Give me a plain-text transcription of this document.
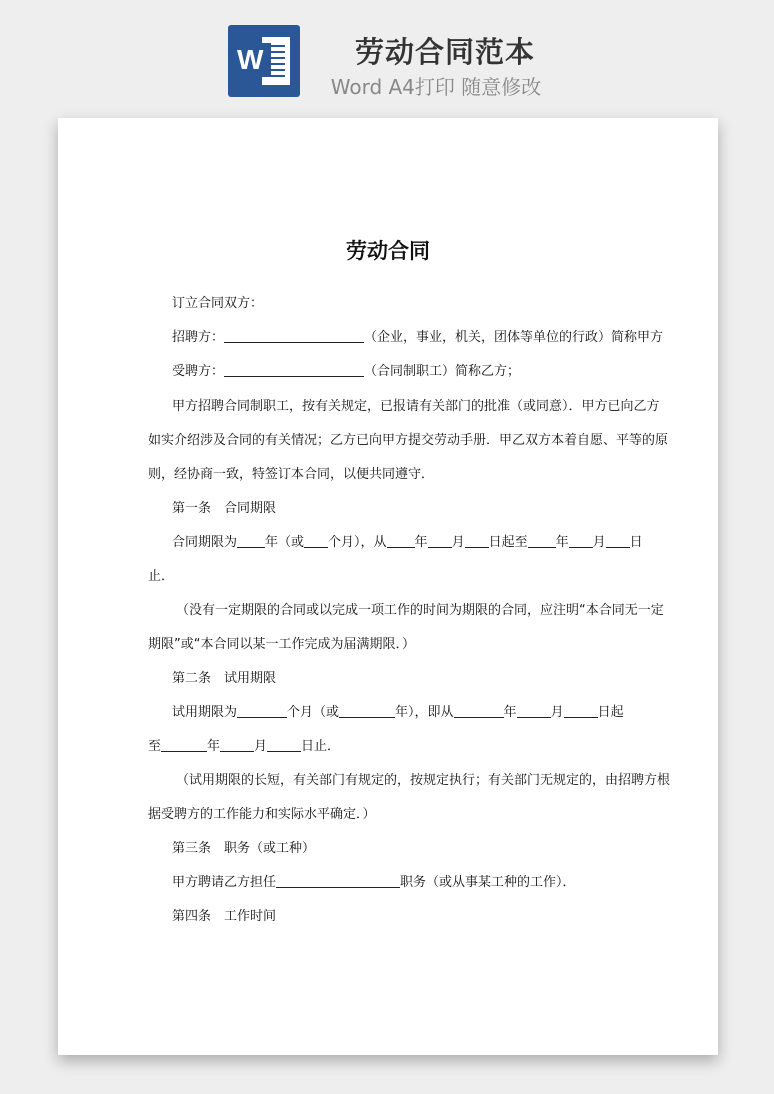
W	劳动合同范本
Word A4打印 随意修改
劳动合同
订立合同双方：
招聘方：	（企业，事业，机关，团体等单位的行政）简称甲方
受聘方：	（合同制职工）简称乙方；
甲方招聘合同制职工，按有关规定，已报请有关部门的批准（或同意）．甲方已向乙方
如实介绍涉及合同的有关情况；乙方已向甲方提交劳动手册．甲乙双方本着自愿、平等的原
则，经协商一致，特签订本合同，以便共同遵守．
第一条　合同期限
合同期限为 年（或 个月），从 年 月 日起至 年 月 日
止．
（没有一定期限的合同或以完成一项工作的时间为期限的合同，应注明“本合同无一定
期限”或“本合同以某一工作完成为届满期限．）
第二条　试用期限
试用期限为	个月（或	年），即从	年	月	日起
至	年	月	日止．
（试用期限的长短，有关部门有规定的，按规定执行；有关部门无规定的，由招聘方根
据受聘方的工作能力和实际水平确定．）
第三条　职务（或工种）
甲方聘请乙方担任	职务（或从事某工种的工作）．
第四条　工作时间
